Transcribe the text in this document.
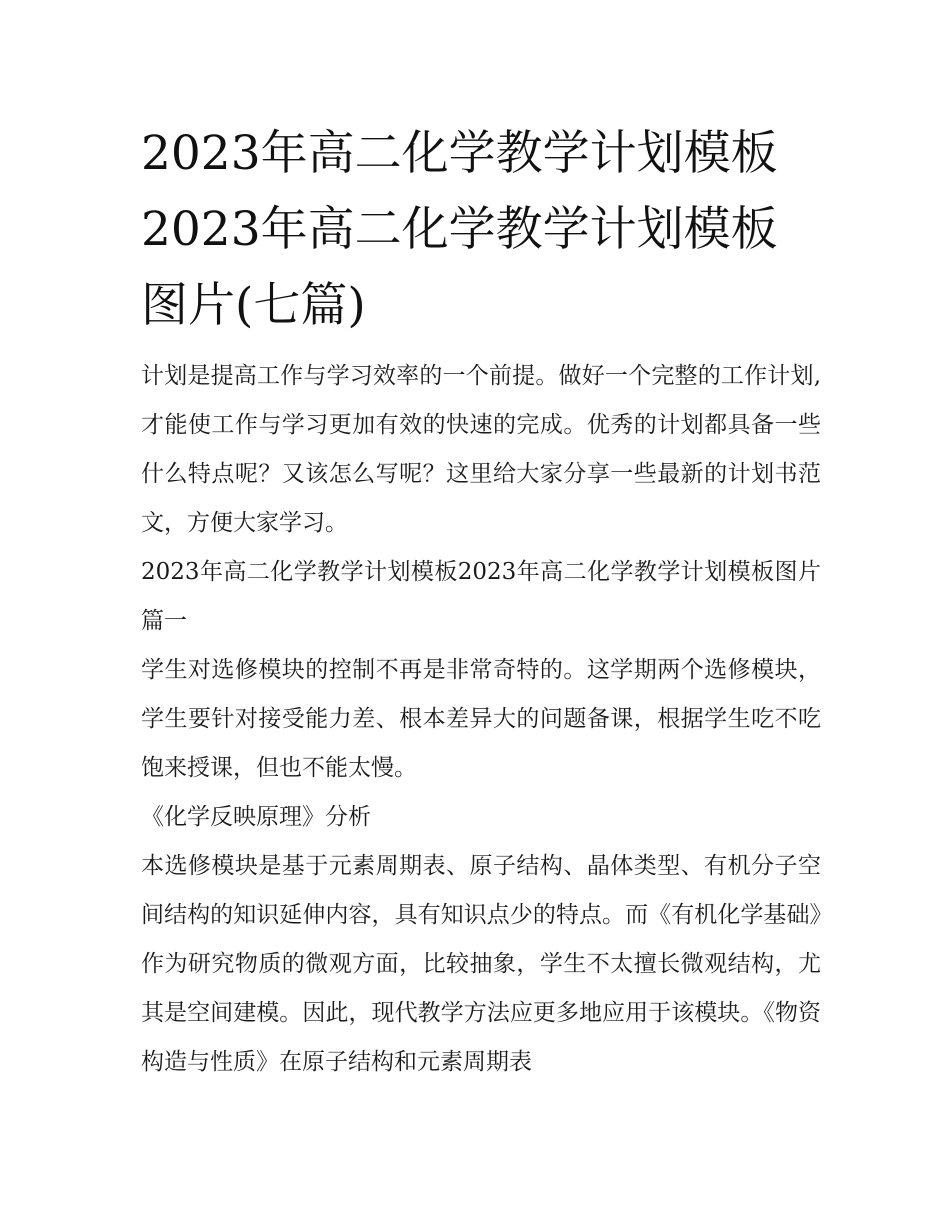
2023年高二化学教学计划模板
2023年高二化学教学计划模板
图片(七篇)

计划是提高工作与学习效率的一个前提。做好一个完整的工作计划,才能使工作与学习更加有效的快速的完成。优秀的计划都具备一些什么特点呢？又该怎么写呢？这里给大家分享一些最新的计划书范文，方便大家学习。

2023年高二化学教学计划模板2023年高二化学教学计划模板图片篇一

学生对选修模块的控制不再是非常奇特的。这学期两个选修模块，学生要针对接受能力差、根本差异大的问题备课，根据学生吃不吃饱来授课，但也不能太慢。

《化学反映原理》分析

本选修模块是基于元素周期表、原子结构、晶体类型、有机分子空间结构的知识延伸内容，具有知识点少的特点。而《有机化学基础》作为研究物质的微观方面，比较抽象，学生不太擅长微观结构，尤其是空间建模。因此，现代教学方法应更多地应用于该模块。《物资构造与性质》在原子结构和元素周期表
